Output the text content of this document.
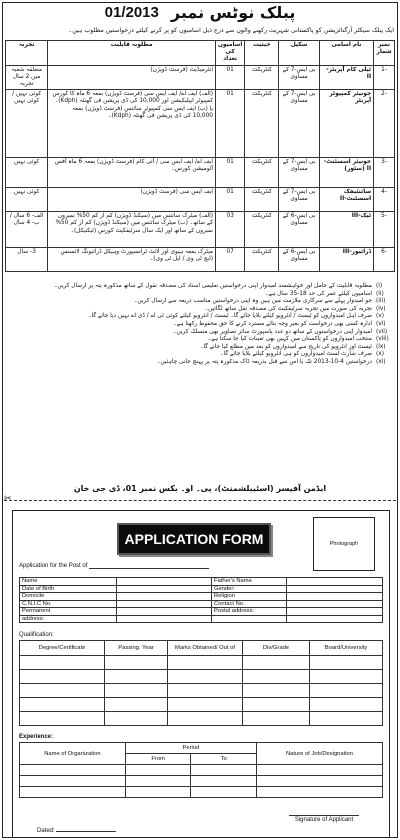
01/2013 پبلک نوٹس نمبر
ایک پبلک سیکٹر آرگنائزیشن کو پاکستانی شہریت رکھنے والوں سے درج ذیل اسامیوں کو پر کرنے کیلئے درخواستیں مطلوب ہیں۔
نمبر شمار	نام اسامی	سکیل	حیثیت	اسامیوں کی تعداد	مطلوبہ قابلیت	تجربہ
-1	ٹیلی کام آپریٹر-II	بی ایس-7 کے مساوی	کنٹریکٹ	01	انٹرمیڈیٹ (فرسٹ ڈویژن)	متعلقہ شعبہ میں 2 سال تجربہ
-2	جونیئر کمپیوٹر آپریٹر	بی ایس-7 کے مساوی	کنٹریکٹ	01	(الف) ایف اے/ ایف ایس سی (فرسٹ ڈویژن) بمعہ 6 ماہ کا کورس کمپیوٹر ایپلیکیشن اور 10,000 کی ڈی پریشن فی گھنٹہ (Kdph)۔ یا (ب) ایف ایس سی کمپیوٹر سائنس (فرسٹ ڈویژن) بمعہ 10,000 کی ڈی پریشن فی گھنٹہ (Kdph)۔	کوئی نہیں / کوئی نہیں
-3	جونیئر اسسٹنٹ-II (سٹور)	بی ایس-7 کے مساوی	کنٹریکٹ	01	ایف اے/ ایف ایس سی / آئی کام (فرسٹ ڈویژن) بمعہ 6 ماہ آفس آٹومیشن کورس۔	کوئی نہیں
-4	سائنٹیفک اسسٹنٹ-II	بی ایس-7 کے مساوی	کنٹریکٹ	01	ایف ایس سی (فرسٹ ڈویژن)	کوئی نہیں
-5	ٹیک-III	بی ایس-6 کے مساوی	کنٹریکٹ	03	(الف) میٹرک سائنس میں (سیکنڈ ڈویژن) کم از کم 50% نمبروں کے ساتھ۔ (ب) میٹرک سائنس میں (سیکنڈ ڈویژن) کم از کم 50% نمبروں کے ساتھ اور ایک سال سرٹیفکیٹ کورس (ٹیکنیکل)۔	الف- 6 سال / ب- 4 سال
-6	ڈرائیور-III	بی ایس-6 کے مساوی	کنٹریکٹ	07	میٹرک بمعہ ہیوی اور لائٹ ٹرانسپورٹ وہیکل ڈرائیونگ لائسنس (ایچ ٹی وی / ایل ٹی وی)۔	3- سال
(i)
مطلوبہ قابلیت کے حامل اور خواہشمند امیدوار اپنی درخواستیں تعلیمی اسناد کی مصدقہ نقول کے ساتھ مذکورہ پتہ پر ارسال کریں۔
(ii)
اسامیوں کیلئے عمر کی حد 18-35 سال ہے۔
(iii)
جو امیدوار پہلے سے سرکاری ملازمت میں ہیں وہ اپنی درخواستیں مناسب ذریعہ سے ارسال کریں۔
(iv)
تجربہ کی صورت میں تجربہ سرٹیفکیٹ کی مصدقہ نقل ساتھ لگائیں۔
(v)
صرف اہل امیدواروں کو ٹیسٹ / انٹرویو کیلئے بلایا جائے گا۔ ٹیسٹ / انٹرویو کیلئے کوئی ٹی اے / ڈی اے نہیں دیا جائے گا۔
(vi)
ادارہ کسی بھی درخواست کو بغیر وجہ بتائے مسترد کرنے کا حق محفوظ رکھتا ہے۔
(vii)
امیدوار اپنی درخواستوں کے ساتھ دو عدد پاسپورٹ سائز تصاویر بھی منسلک کریں۔
(viii)
منتخب امیدواروں کو پاکستان میں کہیں بھی تعینات کیا جا سکتا ہے۔
(ix)
ٹیسٹ اور انٹرویو کی تاریخ سے امیدواروں کو بعد میں مطلع کیا جائے گا۔
(x)
صرف شارٹ لسٹ امیدواروں کو ہی انٹرویو کیلئے بلایا جائے گا۔
(xi)
درخواستیں 4-10-2013 تک یا اس سے قبل بذریعہ ڈاک مذکورہ پتہ پر پہنچ جانی چاہئیں۔
ایڈمن آفیسر (اسٹیبلشمنٹ)، پی۔ او۔ بکس نمبر 01، ڈی جی خان
✂
APPLICATION FORM	Photograph
Application for the Post of
Name		Father's Name	
Date of Birth		Gender:	
Domicile		Religion	
C.N.I.C No.		Contact No.	
Permanent		Postal address:	
address:			
Qualification:
Degree/Certificate	Passing. Year	Marks Obtained/ Out of	Div/Grade	Board/University

Experience:
Name of Organization	Period		Nature of Job/Designation
	From	To	

Signature of Applicant
Dated:
